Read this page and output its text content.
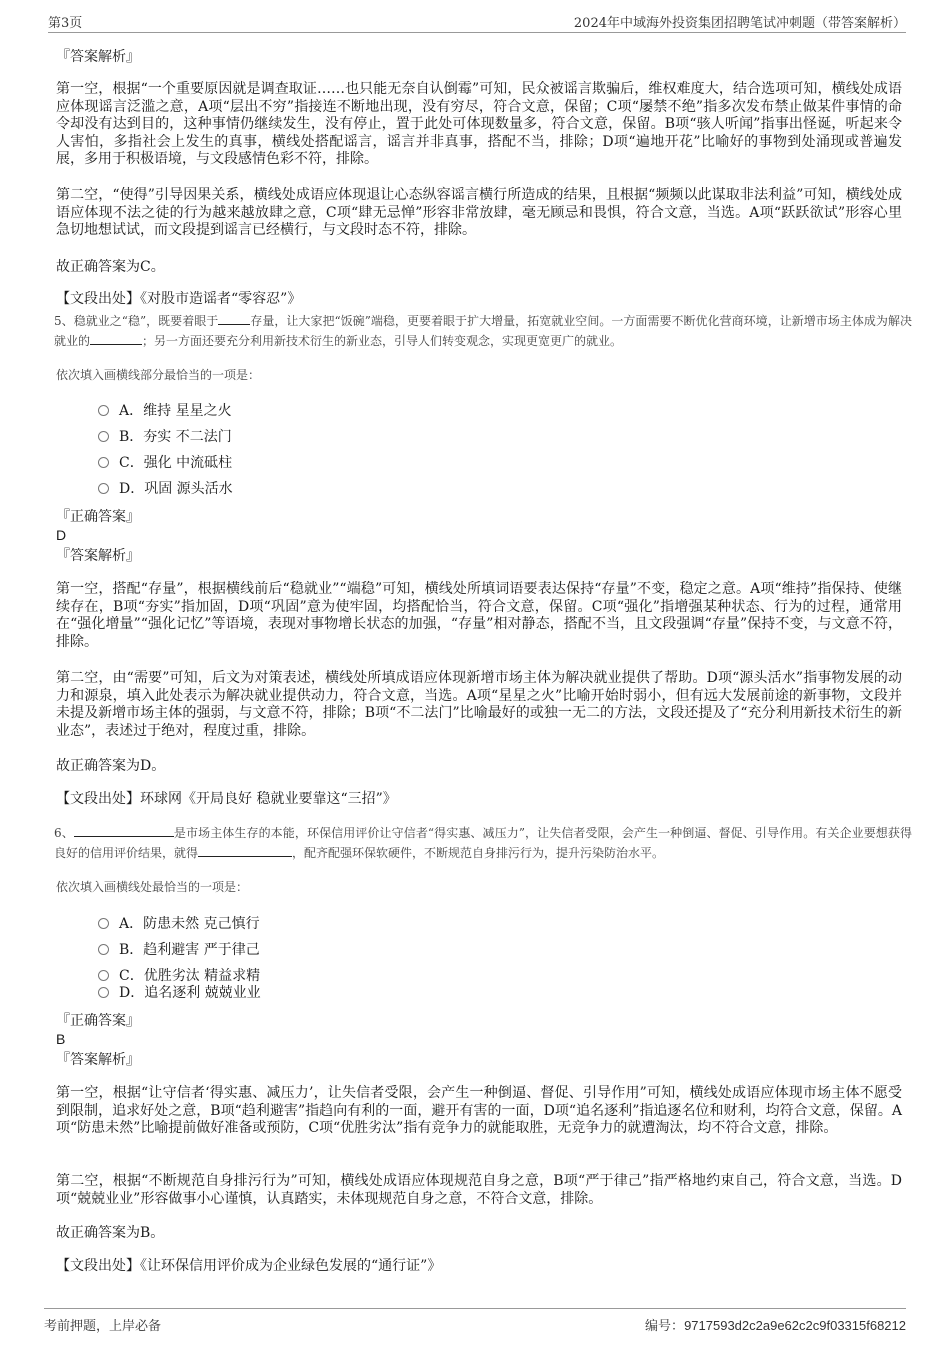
第3页	2024年中域海外投资集团招聘笔试冲刺题（带答案解析）
『答案解析』
第一空，根据“一个重要原因就是调查取证……也只能无奈自认倒霉”可知，民众被谣言欺骗后，维权难度大，结合选项可知，横线处成语应体现谣言泛滥之意，A项“层出不穷”指接连不断地出现，没有穷尽，符合文意，保留；C项“屡禁不绝”指多次发布禁止做某件事情的命令却没有达到目的，这种事情仍继续发生，没有停止，置于此处可体现数量多，符合文意，保留。B项“骇人听闻”指事出怪诞，听起来令人害怕，多指社会上发生的真事，横线处搭配谣言，谣言并非真事，搭配不当，排除；D项“遍地开花”比喻好的事物到处涌现或普遍发展，多用于积极语境，与文段感情色彩不符，排除。
第二空，“使得”引导因果关系，横线处成语应体现退让心态纵容谣言横行所造成的结果，且根据“频频以此谋取非法利益”可知，横线处成语应体现不法之徒的行为越来越放肆之意，C项“肆无忌惮”形容非常放肆，毫无顾忌和畏惧，符合文意，当选。A项“跃跃欲试”形容心里急切地想试试，而文段提到谣言已经横行，与文段时态不符，排除。
故正确答案为C。
【文段出处】《对股市造谣者“零容忍”》
5、稳就业之“稳”，既要着眼于	存量，让大家把“饭碗”端稳，更要着眼于扩大增量，拓宽就业空间。一方面需要不断优化营商环境，让新增市场主体成为解决就业的	；另一方面还要充分利用新技术衍生的新业态，引导人们转变观念，实现更宽更广的就业。
依次填入画横线部分最恰当的一项是：
A．维持 星星之火
B．夯实 不二法门
C．强化 中流砥柱
D．巩固 源头活水
『正确答案』
D
『答案解析』
第一空，搭配“存量”，根据横线前后“稳就业”“端稳”可知，横线处所填词语要表达保持“存量”不变，稳定之意。A项“维持”指保持、使继续存在，B项“夯实”指加固，D项“巩固”意为使牢固，均搭配恰当，符合文意，保留。C项“强化”指增强某种状态、行为的过程，通常用在“强化增量”“强化记忆”等语境，表现对事物增长状态的加强，“存量”相对静态，搭配不当，且文段强调“存量”保持不变，与文意不符，排除。
第二空，由“需要”可知，后文为对策表述，横线处所填成语应体现新增市场主体为解决就业提供了帮助。D项“源头活水”指事物发展的动力和源泉，填入此处表示为解决就业提供动力，符合文意，当选。A项“星星之火”比喻开始时弱小，但有远大发展前途的新事物，文段并未提及新增市场主体的强弱，与文意不符，排除；B项“不二法门”比喻最好的或独一无二的方法，文段还提及了“充分利用新技术衍生的新业态”，表述过于绝对，程度过重，排除。
故正确答案为D。
【文段出处】环球网《开局良好 稳就业要靠这“三招”》
6、	是市场主体生存的本能，环保信用评价让守信者“得实惠、减压力”，让失信者受限，会产生一种倒逼、督促、引导作用。有关企业要想获得良好的信用评价结果，就得	，配齐配强环保软硬件，不断规范自身排污行为，提升污染防治水平。
依次填入画横线处最恰当的一项是：
A．防患未然 克己慎行
B．趋利避害 严于律己
C．优胜劣汰 精益求精
D．追名逐利 兢兢业业
『正确答案』
B
『答案解析』
第一空，根据“让守信者‘得实惠、减压力’，让失信者受限，会产生一种倒逼、督促、引导作用”可知，横线处成语应体现市场主体不愿受到限制，追求好处之意，B项“趋利避害”指趋向有利的一面，避开有害的一面，D项“追名逐利”指追逐名位和财利，均符合文意，保留。A项“防患未然”比喻提前做好准备或预防，C项“优胜劣汰”指有竞争力的就能取胜，无竞争力的就遭淘汰，均不符合文意，排除。
第二空，根据“不断规范自身排污行为”可知，横线处成语应体现规范自身之意，B项“严于律己”指严格地约束自己，符合文意，当选。D项“兢兢业业”形容做事小心谨慎，认真踏实，未体现规范自身之意，不符合文意，排除。
故正确答案为B。
【文段出处】《让环保信用评价成为企业绿色发展的“通行证”》
考前押题，上岸必备	编号：9717593d2c2a9e62c2c9f03315f68212
